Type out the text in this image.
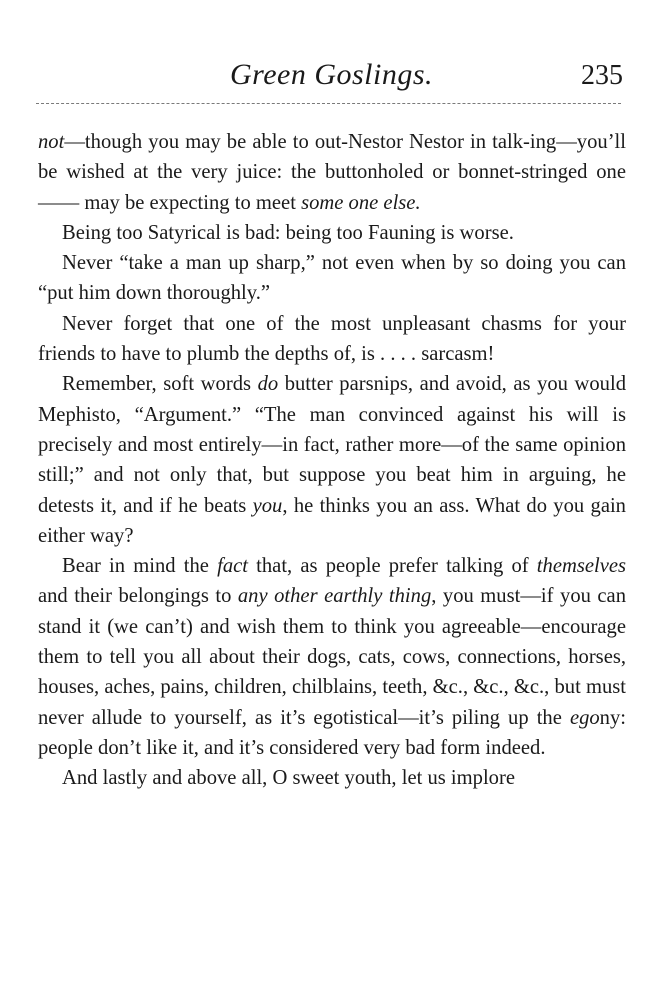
Green Goslings.	235

not—though you may be able to out-Nestor Nestor in talk-ing—you’ll be wished at the very juice: the buttonholed or bonnet-stringed one —— may be expecting to meet some one else.

Being too Satyrical is bad: being too Fauning is worse.

Never “take a man up sharp,” not even when by so doing you can “put him down thoroughly.”

Never forget that one of the most unpleasant chasms for your friends to have to plumb the depths of, is . . . . sarcasm!

Remember, soft words do butter parsnips, and avoid, as you would Mephisto, “Argument.” “The man convinced against his will is precisely and most entirely—in fact, rather more—of the same opinion still;” and not only that, but suppose you beat him in arguing, he detests it, and if he beats you, he thinks you an ass. What do you gain either way?

Bear in mind the fact that, as people prefer talking of themselves and their belongings to any other earthly thing, you must—if you can stand it (we can’t) and wish them to think you agreeable—encourage them to tell you all about their dogs, cats, cows, connections, horses, houses, aches, pains, children, chilblains, teeth, &c., &c., &c., but must never allude to yourself, as it’s egotistical—it’s piling up the egony: people don’t like it, and it’s considered very bad form indeed.

And lastly and above all, O sweet youth, let us implore
